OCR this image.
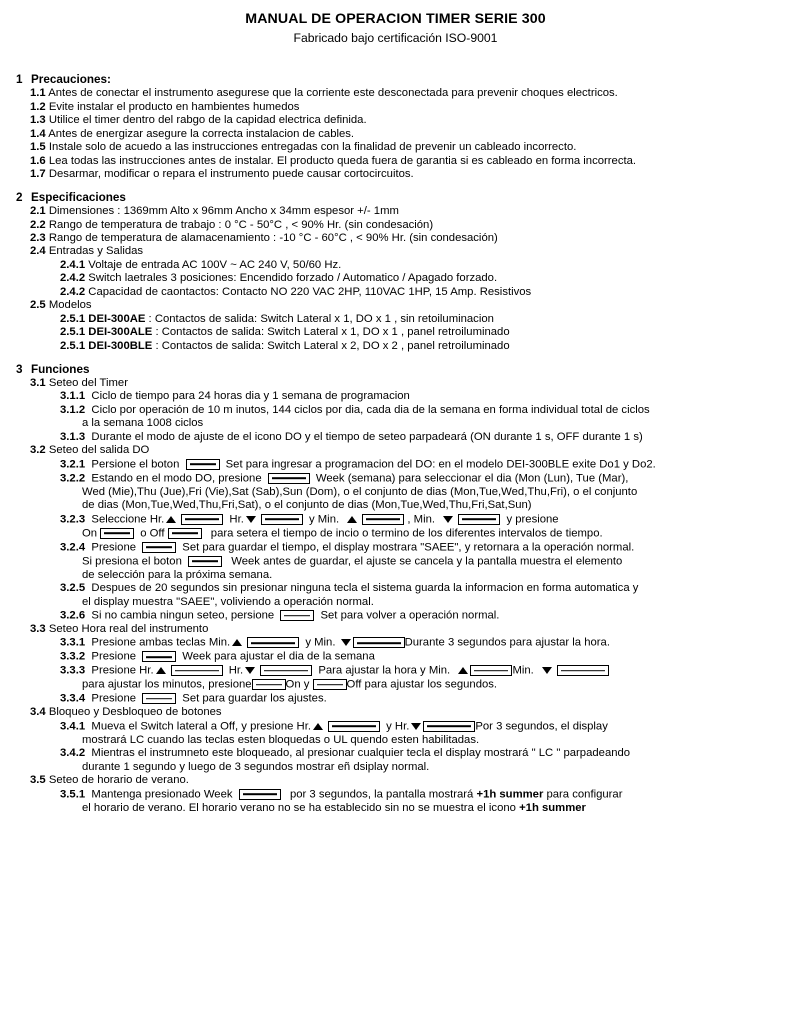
MANUAL DE OPERACION TIMER SERIE 300
Fabricado bajo certificación ISO-9001
1 Precauciones:
1.1 Antes de conectar el instrumento asegurese que la corriente este desconectada para prevenir choques electricos.
1.2 Evite instalar el producto en hambientes humedos
1.3 Utilice el timer dentro del rabgo de la capidad electrica definida.
1.4 Antes de energizar asegure la correcta instalacion de cables.
1.5 Instale solo de acuedo a las instrucciones entregadas con la finalidad de prevenir un cableado incorrecto.
1.6 Lea todas las instrucciones antes de instalar. El producto queda fuera de garantia si es cableado en forma incorrecta.
1.7 Desarmar, modificar o repara el instrumento puede causar cortocircuitos.
2 Especificaciones
2.1 Dimensiones : 1369mm Alto x 96mm Ancho x 34mm espesor +/- 1mm
2.2 Rango de temperatura de trabajo : 0 °C - 50°C , < 90% Hr. (sin condesación)
2.3 Rango de temperatura de alamacenamiento : -10 °C - 60°C , < 90% Hr. (sin condesación)
2.4 Entradas y Salidas
2.4.1 Voltaje de entrada AC 100V ~ AC 240 V, 50/60 Hz.
2.4.2 Switch laetrales 3 posiciones: Encendido forzado / Automatico / Apagado forzado.
2.4.2 Capacidad de caontactos: Contacto NO 220 VAC 2HP, 110VAC 1HP, 15 Amp. Resistivos
2.5 Modelos
2.5.1 DEI-300AE : Contactos de salida: Switch Lateral x 1, DO x 1 , sin retoiluminacion
2.5.1 DEI-300ALE : Contactos de salida: Switch Lateral x 1, DO x 1 , panel retroiluminado
2.5.1 DEI-300BLE : Contactos de salida: Switch Lateral x 2, DO x 2 , panel retroiluminado
3 Funciones
3.1 Seteo del Timer
3.1.1 Ciclo de tiempo para 24 horas dia y 1 semana de programacion
3.1.2 Ciclo por operación de 10 m inutos, 144 ciclos por dia, cada dia de la semana en forma individual total de ciclos
a la semana 1008 ciclos
3.1.3 Durante el modo de ajuste de el icono DO y el tiempo de seteo parpadeará (ON durante 1 s, OFF durante 1 s)
3.2 Seteo del salida DO
3.2.1 Persione el boton	Set para ingresar a programacion del DO: en el modelo DEI-300BLE exite Do1 y Do2.
3.2.2 Estando en el modo DO, presione	Week (semana) para seleccionar el dia (Mon (Lun), Tue (Mar),
Wed (Mie),Thu (Jue),Fri (Vie),Sat (Sab),Sun (Dom), o el conjunto de dias (Mon,Tue,Wed,Thu,Fri), o el conjunto
de dias (Mon,Tue,Wed,Thu,Fri,Sat), o el conjunto de dias (Mon,Tue,Wed,Thu,Fri,Sat,Sun)
3.2.3 Seleccione Hr.	Hr.	y Min.	, Min.	y presione
On	o Off	para setera el tiempo de incio o termino de los diferentes intervalos de tiempo.
3.2.4 Presione	Set para guardar el tiempo, el display mostrara "SAEE", y retornara a la operación normal.
Si presiona el boton	Week antes de guardar, el ajuste se cancela y la pantalla muestra el elemento
de selección para la próxima semana.
3.2.5 Despues de 20 segundos sin presionar ninguna tecla el sistema guarda la informacion en forma automatica y
el display muestra "SAEE", voliviendo a operación normal.
3.2.6 Si no cambia ningun seteo, persione	Set para volver a operación normal.
3.3 Seteo Hora real del instrumento
3.3.1 Presione ambas teclas Min.	y Min.	Durante 3 segundos para ajustar la hora.
3.3.2 Presione	Week para ajustar el dia de la semana
3.3.3 Presione Hr.	Hr.	Para ajustar la hora y Min.	Min.
para ajustar los minutos, presione	On y	Off para ajustar los segundos.
3.3.4 Presione	Set para guardar los ajustes.
3.4 Bloqueo y Desbloqueo de botones
3.4.1 Mueva el Switch lateral a Off, y presione Hr.	y Hr.	Por 3 segundos, el display
mostrará LC cuando las teclas esten bloquedas o UL quendo esten habilitadas.
3.4.2 Mientras el instrumneto este bloqueado, al presionar cualquier tecla el display mostrará " LC " parpadeando
durante 1 segundo y luego de 3 segundos mostrar eñ dsiplay normal.
3.5 Seteo de horario de verano.
3.5.1 Mantenga presionado Week	por 3 segundos, la pantalla mostrará +1h summer para configurar
el horario de verano. El horario verano no se ha establecido sin no se muestra el icono +1h summer
